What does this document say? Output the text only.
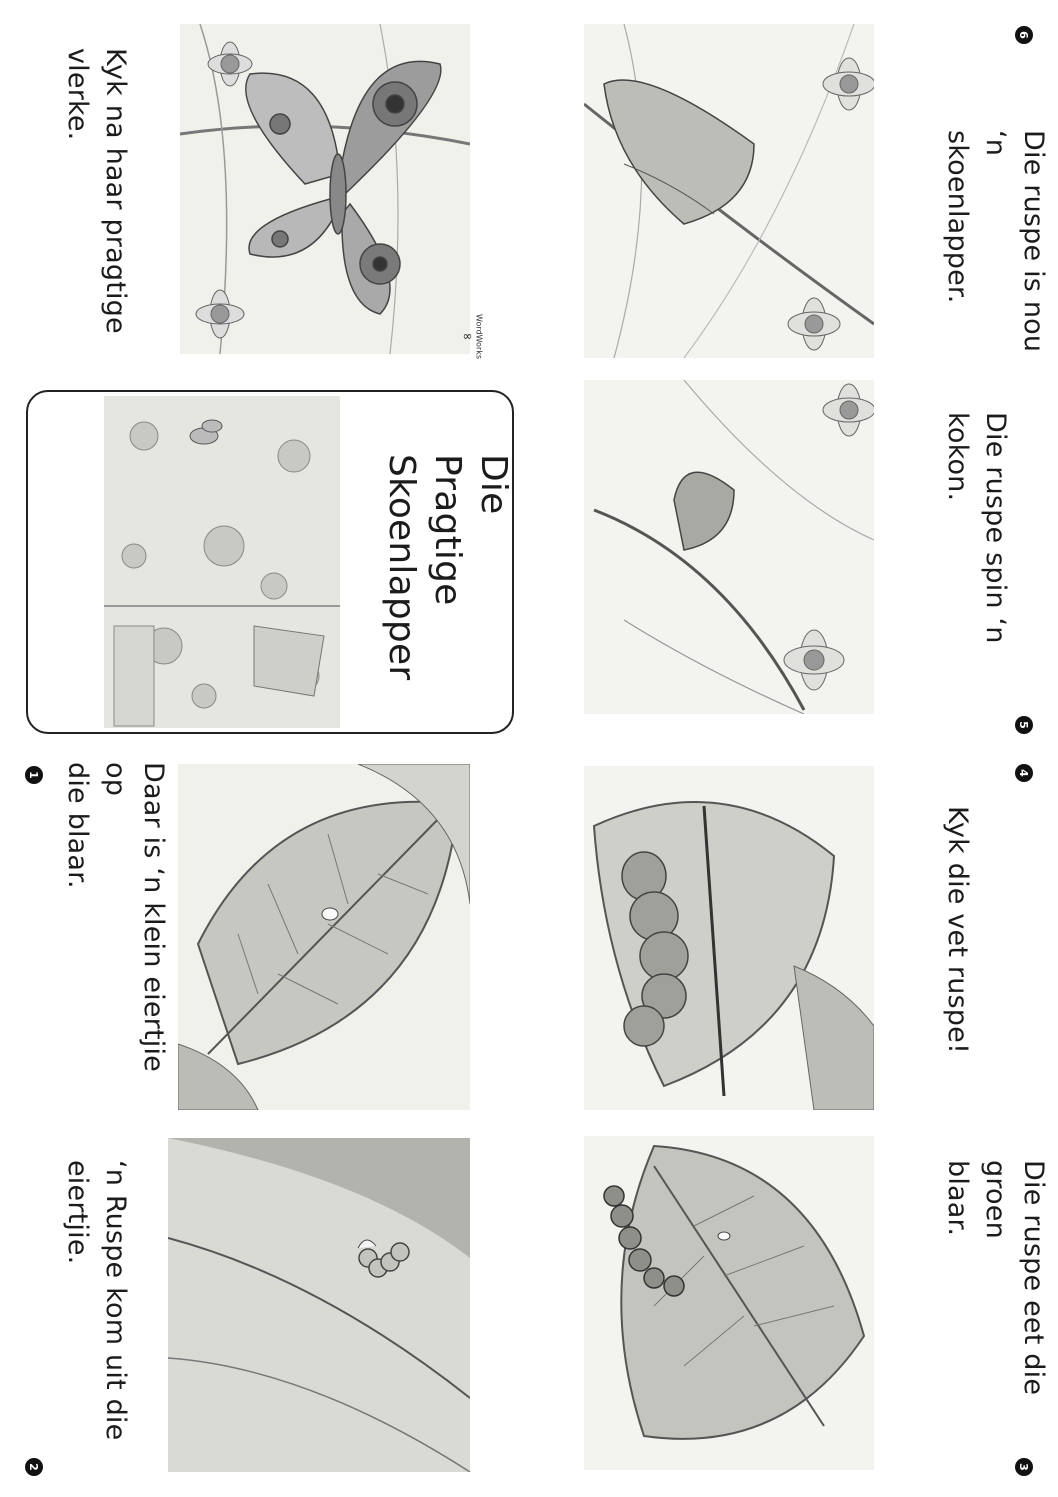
Die Pragtige
Skoenlapper
∞ WordWorks
Kyk na haar pragtige
vlerke.
Daar is ‘n klein eiertjie op
die blaar.
1
‘n Ruspe kom uit die
eiertjie.
2
Die ruspe is nou ‘n
skoenlapper.
6
Die ruspe spin ‘n kokon.
5
Kyk die vet ruspe!
4
Die ruspe eet die groen
blaar.
3
